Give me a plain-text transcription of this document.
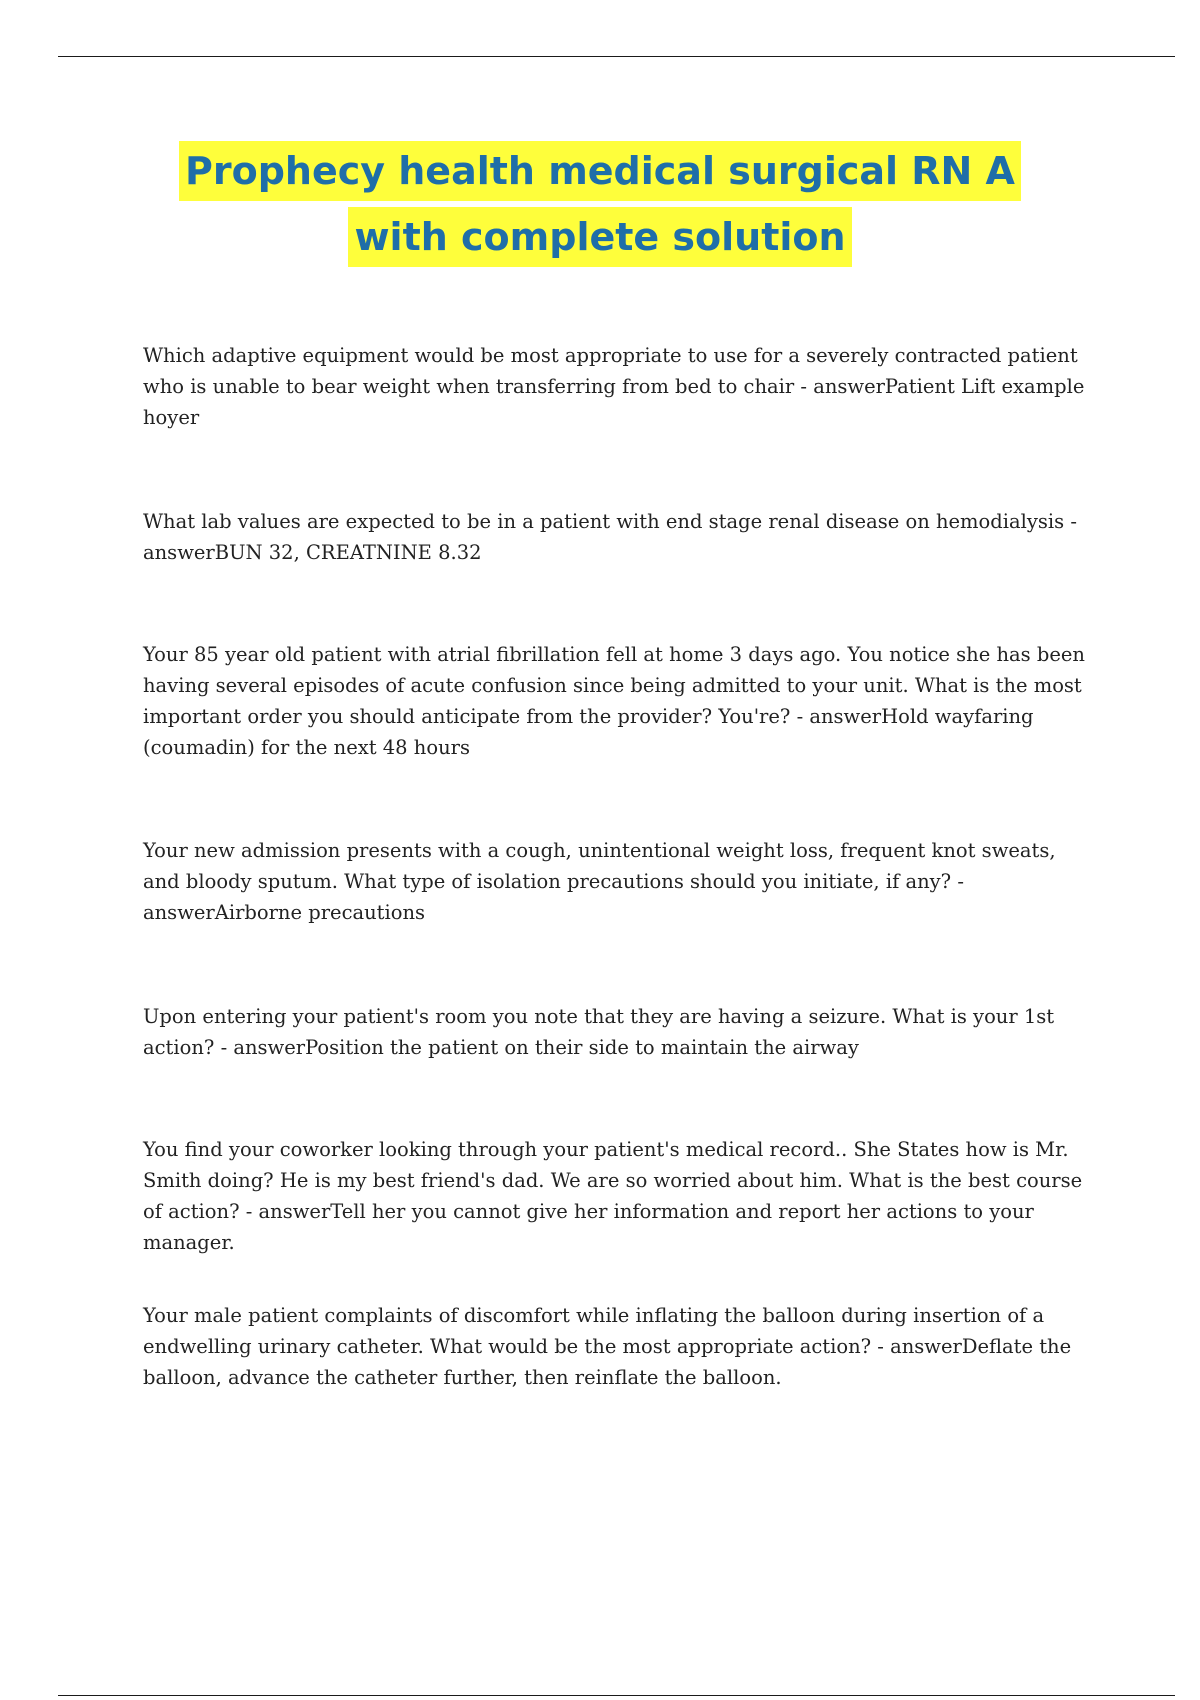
Prophecy health medical surgical RN A
with complete solution
Which adaptive equipment would be most appropriate to use for a severely contracted patient who is unable to bear weight when transferring from bed to chair - answerPatient Lift example hoyer
What lab values are expected to be in a patient with end stage renal disease on hemodialysis - answerBUN 32, CREATNINE 8.32
Your 85 year old patient with atrial fibrillation fell at home 3 days ago. You notice she has been having several episodes of acute confusion since being admitted to your unit. What is the most important order you should anticipate from the provider? You're? - answerHold wayfaring (coumadin) for the next 48 hours
Your new admission presents with a cough, unintentional weight loss, frequent knot sweats, and bloody sputum. What type of isolation precautions should you initiate, if any? - answerAirborne precautions
Upon entering your patient's room you note that they are having a seizure. What is your 1st action? - answerPosition the patient on their side to maintain the airway
You find your coworker looking through your patient's medical record.. She States how is Mr. Smith doing? He is my best friend's dad. We are so worried about him. What is the best course of action? - answerTell her you cannot give her information and report her actions to your manager.
Your male patient complaints of discomfort while inflating the balloon during insertion of a endwelling urinary catheter. What would be the most appropriate action? - answerDeflate the balloon, advance the catheter further, then reinflate the balloon.
